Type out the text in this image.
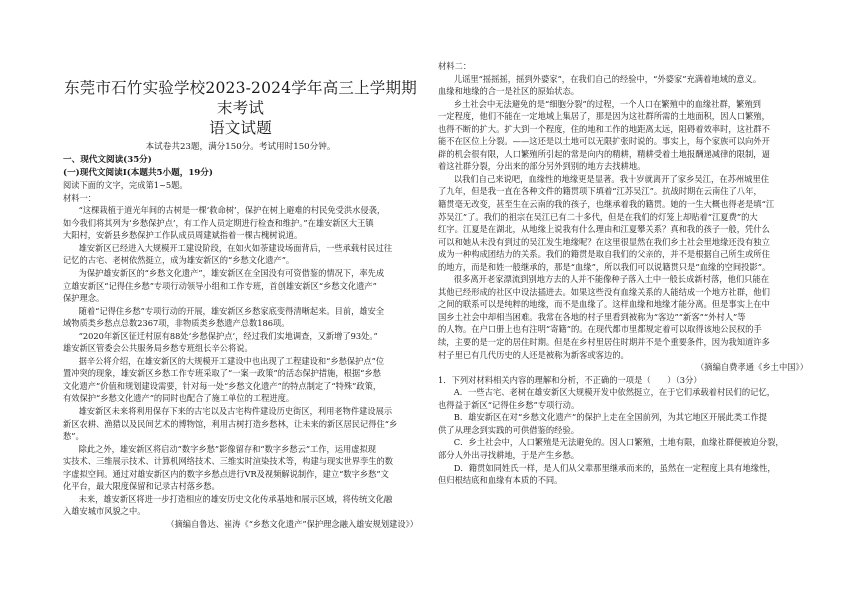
东莞市石竹实验学校2023-2024学年高三上学期期末考试

语文试题

本试卷共23题，满分150分。考试用时150分钟。

一、现代文阅读(35分)

(一)现代文阅读Ⅰ(本题共5小题，19分)

阅读下面的文字，完成第1~5题。

材料一：

“这棵栽植于道光年间的古树是一棵‘救命树’，保护在树上避难的村民免受洪水侵袭，

如今我们将其列为‘乡愁保护点’，有工作人员定期进行检查和维护。”在雄安新区大王镇

大阳村，安新县乡愁保护工作队成员周建斌指着一棵古槐树说道。

雄安新区已经进入大规模开工建设阶段，在如火如荼建设场面背后，一些承载村民过往

记忆的古宅、老树依然挺立，成为雄安新区的“乡愁文化遗产”。

为保护雄安新区的“乡愁文化遗产”，雄安新区在全国没有可资借鉴的情况下，率先成

立雄安新区“记得住乡愁”专项行动领导小组和工作专班，首创雄安新区“乡愁文化遗产”

保护理念。

随着“记得住乡愁”专项行动的开展，雄安新区乡愁家底变得清晰起来。目前，雄安全

域物质类乡愁点总数2367项，非物质类乡愁遗产总数186项。

“2020年新区征迁村原有88处‘乡愁保护点’，经过我们实地调查，又新增了93处。”

雄安新区管委会公共服务局乡愁专班组长辛公将说。

据辛公将介绍，在雄安新区的大规模开工建设中也出现了工程建设和“乡愁保护点”位

置冲突的现象，雄安新区乡愁工作专班采取了“一案一政策”的活态保护措施，根据“乡愁

文化遗产”价值和规划建设需要，针对每一处“乡愁文化遗产”的特点制定了“特殊”政策，

有效保护“乡愁文化遗产”的同时也配合了施工单位的工程进度。

雄安新区未来将利用保存下来的古宅以及古宅构件建设历史街区，利用老物件建设展示

新区农耕、渔猎以及民间艺术的博物馆，利用古树打造乡愁林，让未来的新区居民记得住“乡

愁”。

除此之外，雄安新区将启动“数字乡愁”影像留存和“数字乡愁云”工作，运用虚拟现

实技术、三维展示技术、计算机网络技术、三维实时渲染技术等，构建与现实世界孪生的数

字虚拟空间。通过对雄安新区内的数字乡愁点进行VR及视频解说制作，建立“数字乡愁”文

化平台，最大限度保留和记录古村落乡愁。

未来，雄安新区将进一步打造相应的雄安历史文化传承基地和展示区域，将传统文化融

入雄安城市风貌之中。

（摘编自鲁达、崔涛《“乡愁文化遗产”保护理念融入雄安规划建设》）

材料二：

儿谣里“摇摇摇，摇到外婆家”，在我们自己的经验中，“外婆家”充满着地域的意义。

血缘和地缘的合一是社区的原始状态。

乡土社会中无法避免的是“细胞分裂”的过程，一个人口在繁殖中的血缘社群，繁殖到

一定程度，他们不能在一定地域上集居了，那是因为这社群所需的土地面积，因人口繁殖，

也得不断的扩大。扩大到一个程度，住的地和工作的地距离太远，阻碍着效率时，这社群不

能不在区位上分裂。——这还是以土地可以无限扩张时说的。事实上，每个家族可以向外开

辟的机会很有限，人口繁殖所引起的常是向内的精耕，精耕受着土地报酬递减律的限制，逼

着这社群分裂，分出来的部分另外到别的地方去找耕地。

以我们自己来说吧，血缘性的地缘更是显著。我十岁就离开了家乡吴江，在苏州城里住

了九年，但是我一直在各种文件的籍贯项下填着“江苏吴江”。抗战时期在云南住了八年，

籍贯毫无改变，甚至生在云南的我的孩子，也继承着我的籍贯。她的一生大概也得老是填“江

苏吴江”了。我们的祖宗在吴江已有二十多代，但是在我们的灯笼上却贴着“江夏费”的大

红字。江夏是在湖北，从地缘上说我有什么理由和江夏攀关系？真和我的孩子一般，凭什么

可以和她从未没有到过的吴江发生地缘呢？在这里很显然在我们乡土社会里地缘还没有独立

成为一种构成团结力的关系。我们的籍贯是取自我们的父亲的，并不是根据自己所生或所住

的地方，而是和姓一般继承的，那是“血缘”，所以我们可以说籍贯只是“血缘的空间投影”。

很多离开老家漂流到别地方去的人并不能像种子落入土中一般长成新村落，他们只能在

其他已经形成的社区中设法插进去。如果这些没有血缘关系的人能结成一个地方社群，他们

之间的联系可以是纯粹的地缘，而不是血缘了。这样血缘和地缘才能分离。但是事实上在中

国乡土社会中却相当困难。我常在各地的村子里看到被称为“客边”“新客”“外村人”等

的人物。在户口册上也有注明“寄籍”的。在现代都市里都规定着可以取得该地公民权的手

续，主要的是一定的居住时期。但是在乡村里居住时期并不是个重要条件，因为我知道许多

村子里已有几代历史的人还是被称为新客或客边的。

（摘编自费孝通《乡土中国》）

1．下列对材料相关内容的理解和分析，不正确的一项是（　　）（3分）

A．一些古宅、老树在雄安新区大规模开发中依然挺立，在于它们承载着村民们的记忆，

也得益于新区“记得住乡愁”专项行动。

B．雄安新区在对“乡愁文化遗产”的保护上走在全国前列，为其它地区开展此类工作提

供了从理念到实践的可供借鉴的经验。

C．乡土社会中，人口繁殖是无法避免的。因人口繁殖，土地有限，血缘社群便被迫分裂，

部分人外出寻找耕地，于是产生乡愁。

D．籍贯如同姓氏一样，是人们从父辈那里继承而来的，虽然在一定程度上具有地缘性，

但归根结底和血缘有本质的不同。
